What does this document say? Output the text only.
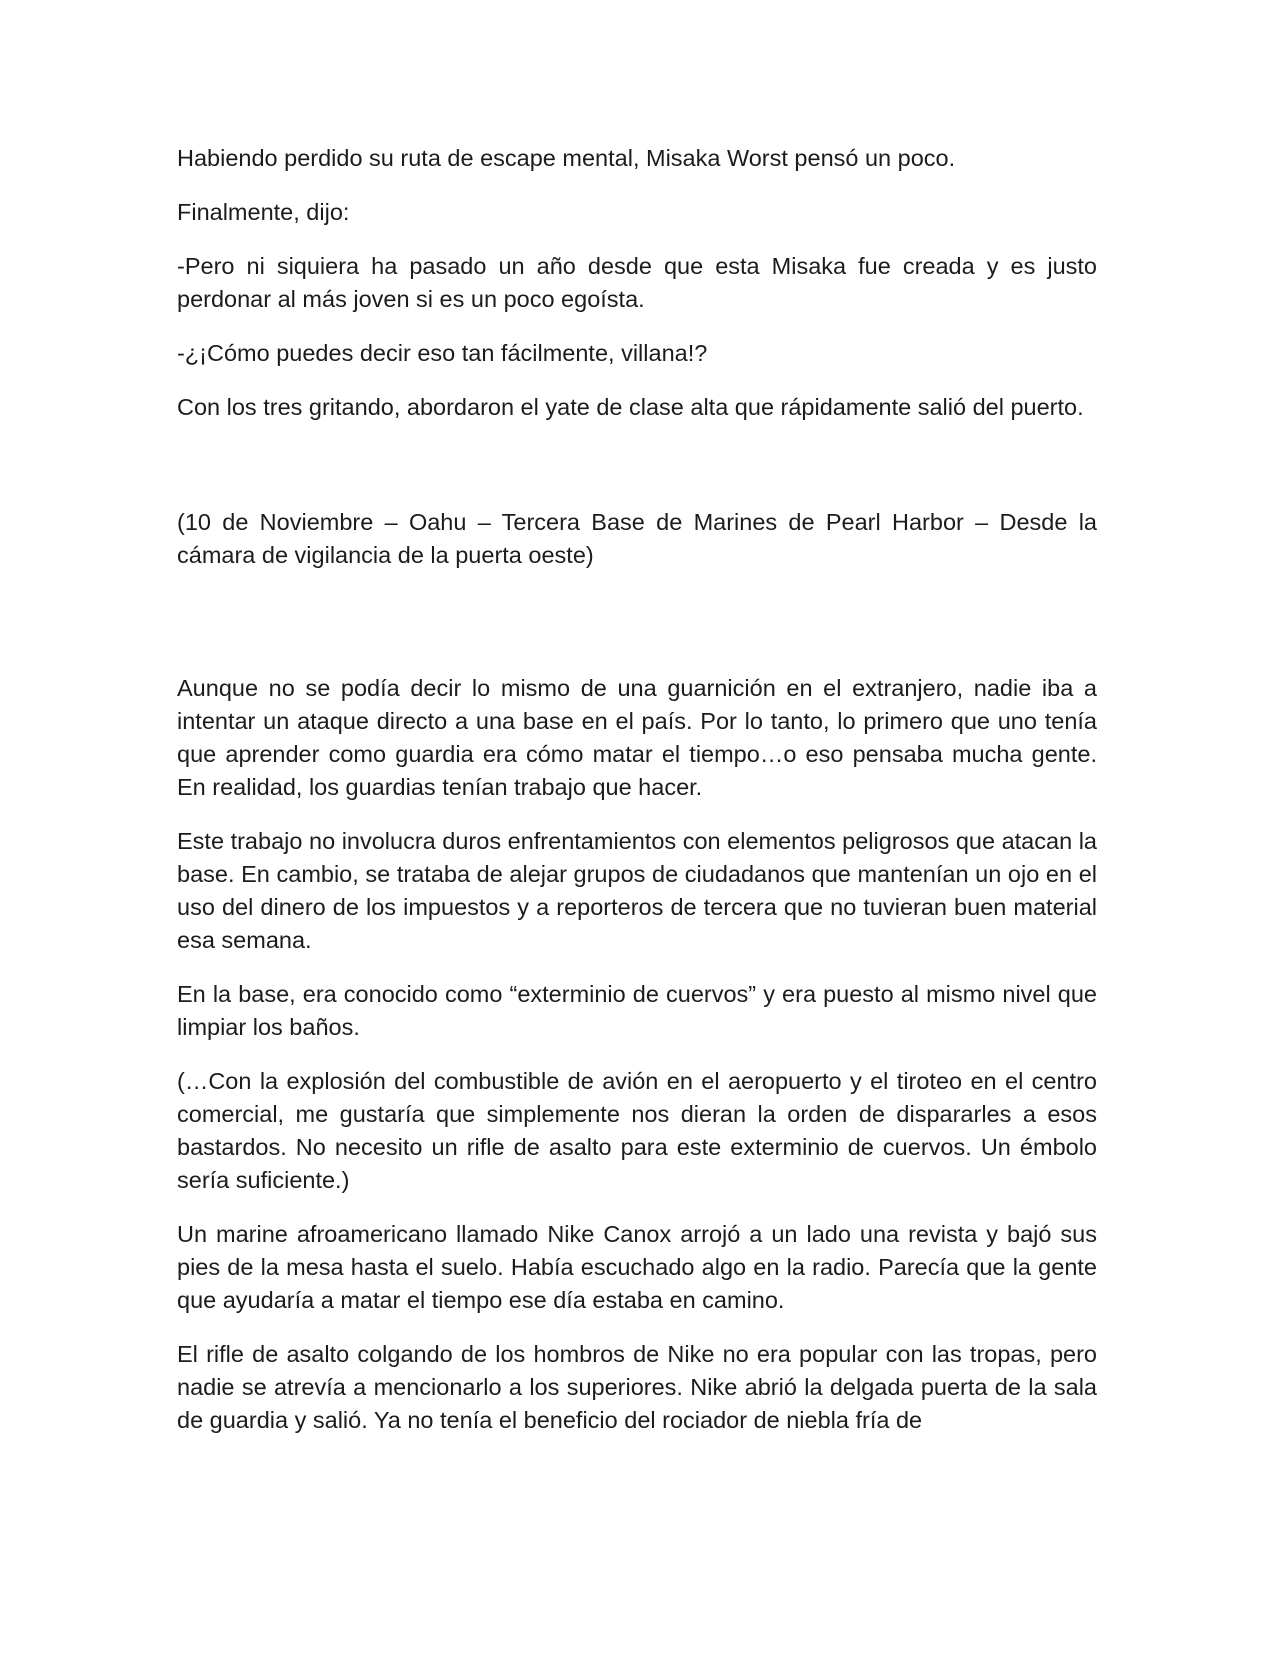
Habiendo perdido su ruta de escape mental, Misaka Worst pensó un poco.

Finalmente, dijo:

-Pero ni siquiera ha pasado un año desde que esta Misaka fue creada y es justo perdonar al más joven si es un poco egoísta.

-¿¡Cómo puedes decir eso tan fácilmente, villana!?

Con los tres gritando, abordaron el yate de clase alta que rápidamente salió del puerto.

(10 de Noviembre – Oahu – Tercera Base de Marines de Pearl Harbor – Desde la cámara de vigilancia de la puerta oeste)

Aunque no se podía decir lo mismo de una guarnición en el extranjero, nadie iba a intentar un ataque directo a una base en el país. Por lo tanto, lo primero que uno tenía que aprender como guardia era cómo matar el tiempo…o eso pensaba mucha gente. En realidad, los guardias tenían trabajo que hacer.

Este trabajo no involucra duros enfrentamientos con elementos peligrosos que atacan la base. En cambio, se trataba de alejar grupos de ciudadanos que mantenían un ojo en el uso del dinero de los impuestos y a reporteros de tercera que no tuvieran buen material esa semana.

En la base, era conocido como “exterminio de cuervos” y era puesto al mismo nivel que limpiar los baños.

(…Con la explosión del combustible de avión en el aeropuerto y el tiroteo en el centro comercial, me gustaría que simplemente nos dieran la orden de dispararles a esos bastardos. No necesito un rifle de asalto para este exterminio de cuervos. Un émbolo sería suficiente.)

Un marine afroamericano llamado Nike Canox arrojó a un lado una revista y bajó sus pies de la mesa hasta el suelo. Había escuchado algo en la radio. Parecía que la gente que ayudaría a matar el tiempo ese día estaba en camino.

El rifle de asalto colgando de los hombros de Nike no era popular con las tropas, pero nadie se atrevía a mencionarlo a los superiores. Nike abrió la delgada puerta de la sala de guardia y salió. Ya no tenía el beneficio del rociador de niebla fría de
